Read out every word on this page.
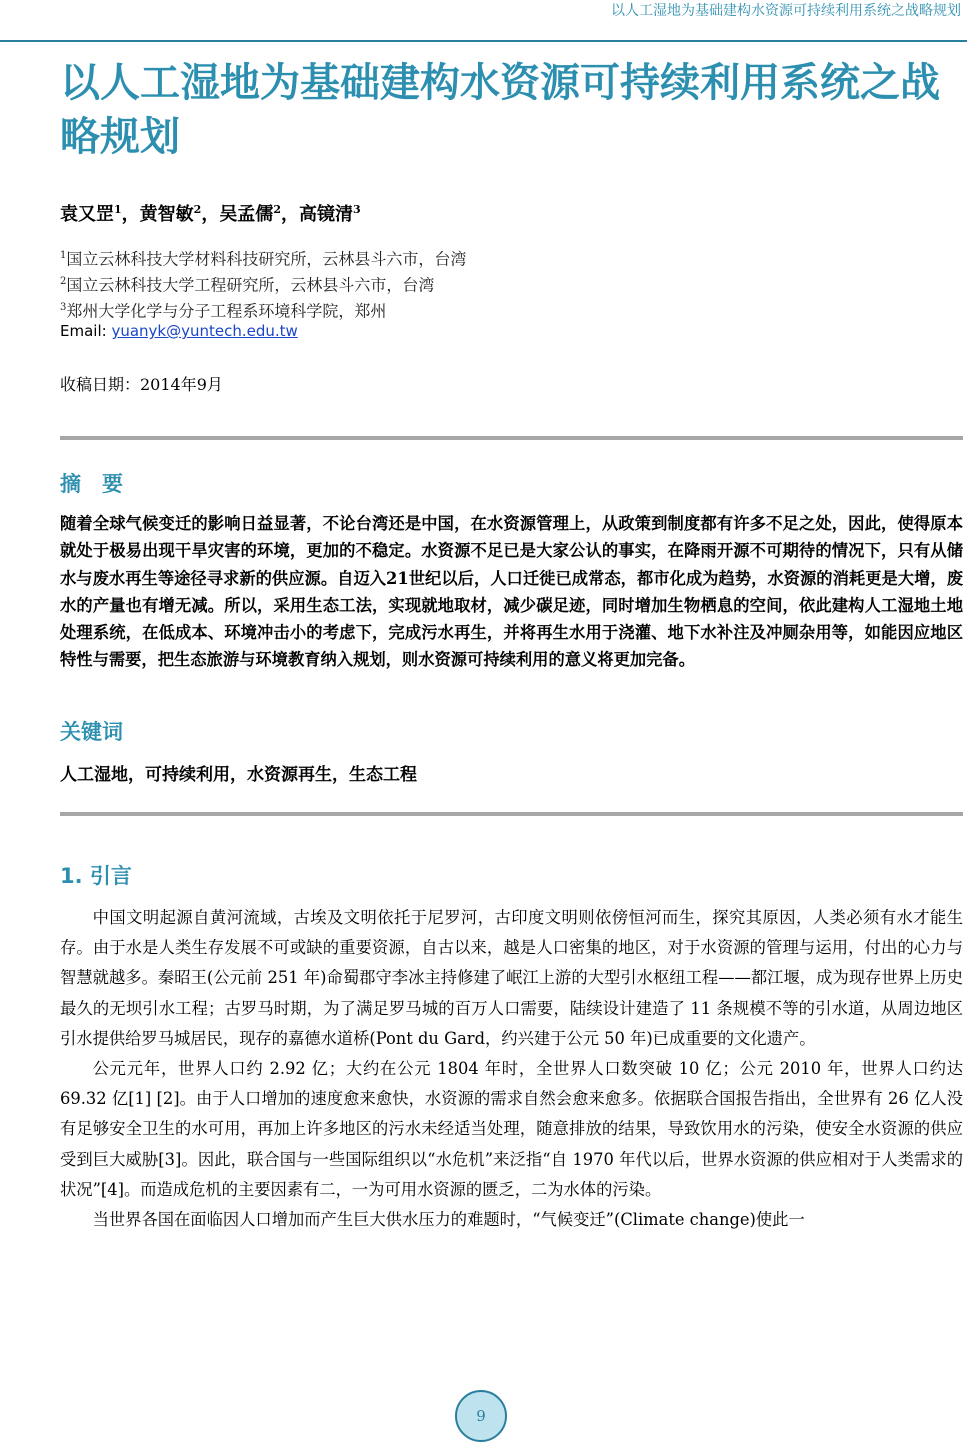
以人工湿地为基础建构水资源可持续利用系统之战略规划
以人工湿地为基础建构水资源可持续利用系统之战略规划
袁又罡$^1$，黄智敏$^2$，吴孟儒$^2$，高镜清$^3$
$^1$国立云林科技大学材料科技研究所，云林县斗六市，台湾
$^2$国立云林科技大学工程研究所，云林县斗六市，台湾
$^3$郑州大学化学与分子工程系环境科学院，郑州
Email: yuanyk@yuntech.edu.tw
收稿日期：2014年9月
摘　要

随着全球气候变迁的影响日益显著，不论台湾还是中国，在水资源管理上，从政策到制度都有许多不足之处，因此，使得原本就处于极易出现干旱灾害的环境，更加的不稳定。水资源不足已是大家公认的事实，在降雨开源不可期待的情况下，只有从储水与废水再生等途径寻求新的供应源。自迈入21世纪以后，人口迁徙已成常态，都市化成为趋势，水资源的消耗更是大增，废水的产量也有增无减。所以，采用生态工法，实现就地取材，减少碳足迹，同时增加生物栖息的空间，依此建构人工湿地土地处理系统，在低成本、环境冲击小的考虑下，完成污水再生，并将再生水用于浇灌、地下水补注及冲厕杂用等，如能因应地区特性与需要，把生态旅游与环境教育纳入规划，则水资源可持续利用的意义将更加完备。

关键词
人工湿地，可持续利用，水资源再生，生态工程
1. 引言

中国文明起源自黄河流域，古埃及文明依托于尼罗河，古印度文明则依傍恒河而生，探究其原因，人类必须有水才能生存。由于水是人类生存发展不可或缺的重要资源，自古以来，越是人口密集的地区，对于水资源的管理与运用，付出的心力与智慧就越多。秦昭王(公元前 251 年)命蜀郡守李冰主持修建了岷江上游的大型引水枢纽工程——都江堰，成为现存世界上历史最久的无坝引水工程；古罗马时期，为了满足罗马城的百万人口需要，陆续设计建造了 11 条规模不等的引水道，从周边地区引水提供给罗马城居民，现存的嘉德水道桥(Pont du Gard，约兴建于公元 50 年)已成重要的文化遗产。

公元元年，世界人口约 2.92 亿；大约在公元 1804 年时，全世界人口数突破 10 亿；公元 2010 年，世界人口约达 69.32 亿[1] [2]。由于人口增加的速度愈来愈快，水资源的需求自然会愈来愈多。依据联合国报告指出，全世界有 26 亿人没有足够安全卫生的水可用，再加上许多地区的污水未经适当处理，随意排放的结果，导致饮用水的污染，使安全水资源的供应受到巨大威胁[3]。因此，联合国与一些国际组织以“水危机”来泛指“自 1970 年代以后，世界水资源的供应相对于人类需求的状况”[4]。而造成危机的主要因素有二，一为可用水资源的匮乏，二为水体的污染。

当世界各国在面临因人口增加而产生巨大供水压力的难题时，“气候变迁”(Climate change)使此一

9
